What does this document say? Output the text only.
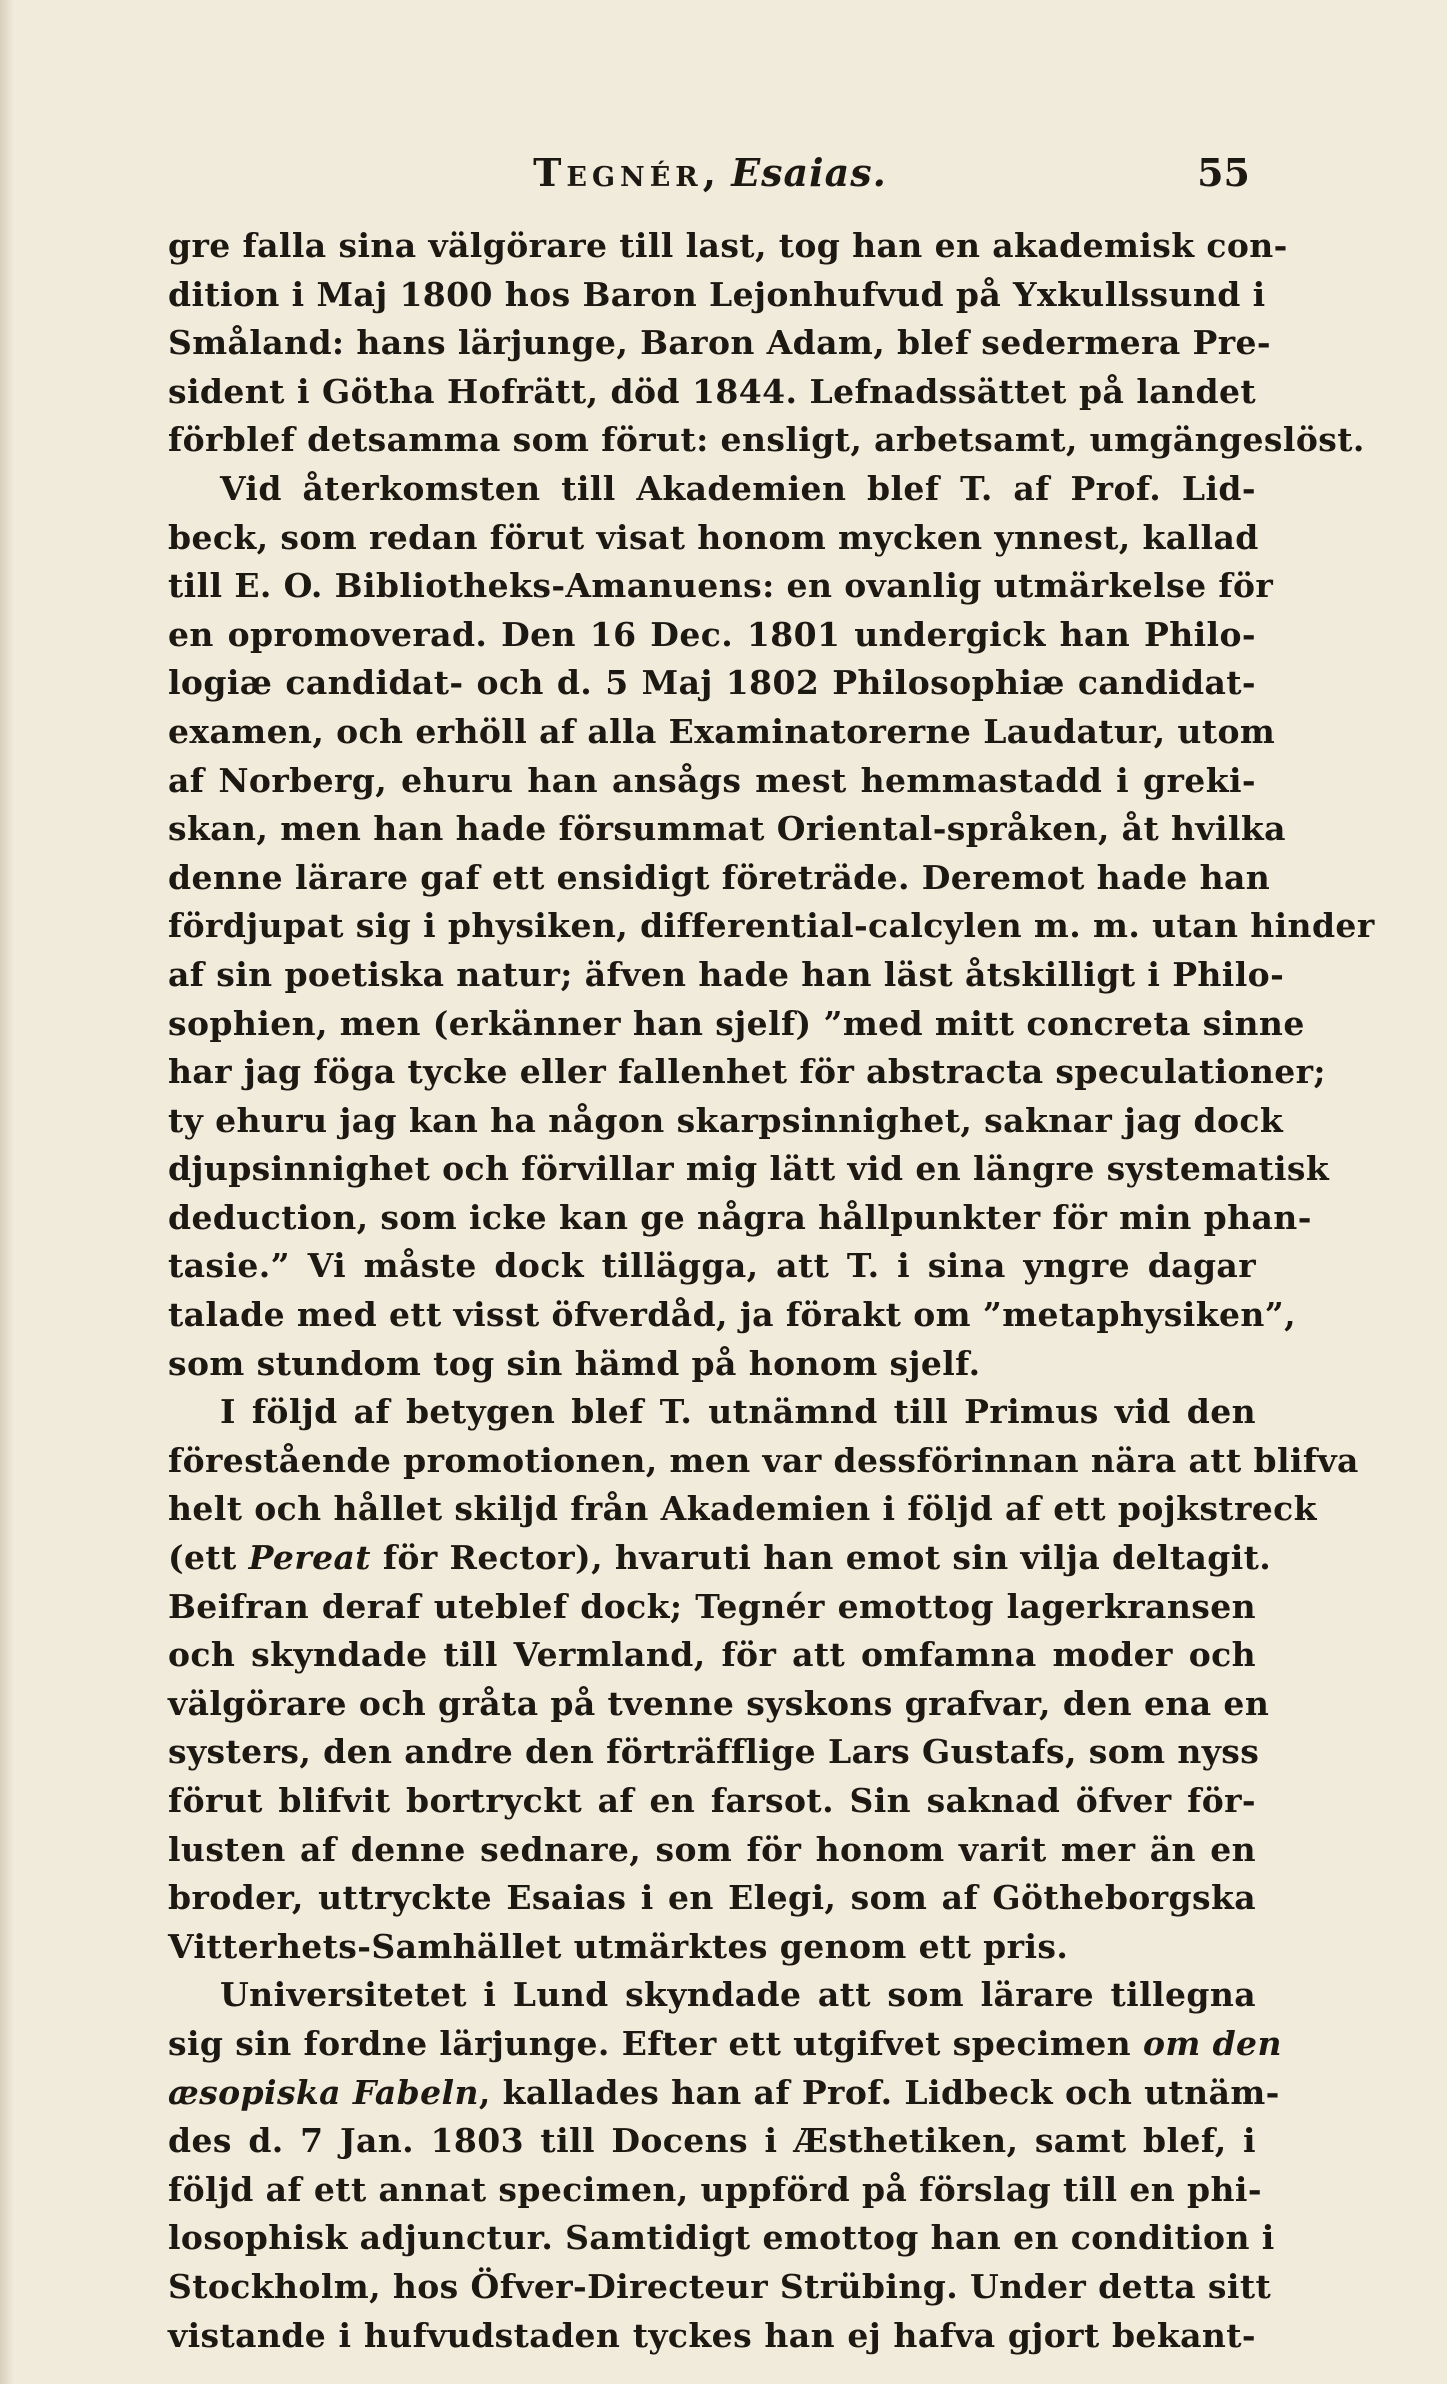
Tegnér, Esaias.	55
gre falla sina välgörare till last, tog han en akademisk con-
dition i Maj 1800 hos Baron Lejonhufvud på Yxkullssund i
Småland: hans lärjunge, Baron Adam, blef sedermera Pre-
sident i Götha Hofrätt, död 1844. Lefnadssättet på landet
förblef detsamma som förut: ensligt, arbetsamt, umgängeslöst.
Vid återkomsten till Akademien blef T. af Prof. Lid-
beck, som redan förut visat honom mycken ynnest, kallad
till E. O. Bibliotheks-Amanuens: en ovanlig utmärkelse för
en opromoverad. Den 16 Dec. 1801 undergick han Philo-
logiæ candidat- och d. 5 Maj 1802 Philosophiæ candidat-
examen, och erhöll af alla Examinatorerne Laudatur, utom
af Norberg, ehuru han ansågs mest hemmastadd i greki-
skan, men han hade försummat Oriental-språken, åt hvilka
denne lärare gaf ett ensidigt företräde. Deremot hade han
fördjupat sig i physiken, differential-calcylen m. m. utan hinder
af sin poetiska natur; äfven hade han läst åtskilligt i Philo-
sophien, men (erkänner han sjelf) ”med mitt concreta sinne
har jag föga tycke eller fallenhet för abstracta speculationer;
ty ehuru jag kan ha någon skarpsinnighet, saknar jag dock
djupsinnighet och förvillar mig lätt vid en längre systematisk
deduction, som icke kan ge några hållpunkter för min phan-
tasie.” Vi måste dock tillägga, att T. i sina yngre dagar
talade med ett visst öfverdåd, ja förakt om ”metaphysiken”,
som stundom tog sin hämd på honom sjelf.
I följd af betygen blef T. utnämnd till Primus vid den
förestående promotionen, men var dessförinnan nära att blifva
helt och hållet skiljd från Akademien i följd af ett pojkstreck
(ett Pereat för Rector), hvaruti han emot sin vilja deltagit.
Beifran deraf uteblef dock; Tegnér emottog lagerkransen
och skyndade till Vermland, för att omfamna moder och
välgörare och gråta på tvenne syskons grafvar, den ena en
systers, den andre den förträfflige Lars Gustafs, som nyss
förut blifvit bortryckt af en farsot. Sin saknad öfver för-
lusten af denne sednare, som för honom varit mer än en
broder, uttryckte Esaias i en Elegi, som af Götheborgska
Vitterhets-Samhället utmärktes genom ett pris.
Universitetet i Lund skyndade att som lärare tillegna
sig sin fordne lärjunge. Efter ett utgifvet specimen om den
æsopiska Fabeln, kallades han af Prof. Lidbeck och utnäm-
des d. 7 Jan. 1803 till Docens i Æsthetiken, samt blef, i
följd af ett annat specimen, uppförd på förslag till en phi-
losophisk adjunctur. Samtidigt emottog han en condition i
Stockholm, hos Öfver-Directeur Strübing. Under detta sitt
vistande i hufvudstaden tyckes han ej hafva gjort bekant-
